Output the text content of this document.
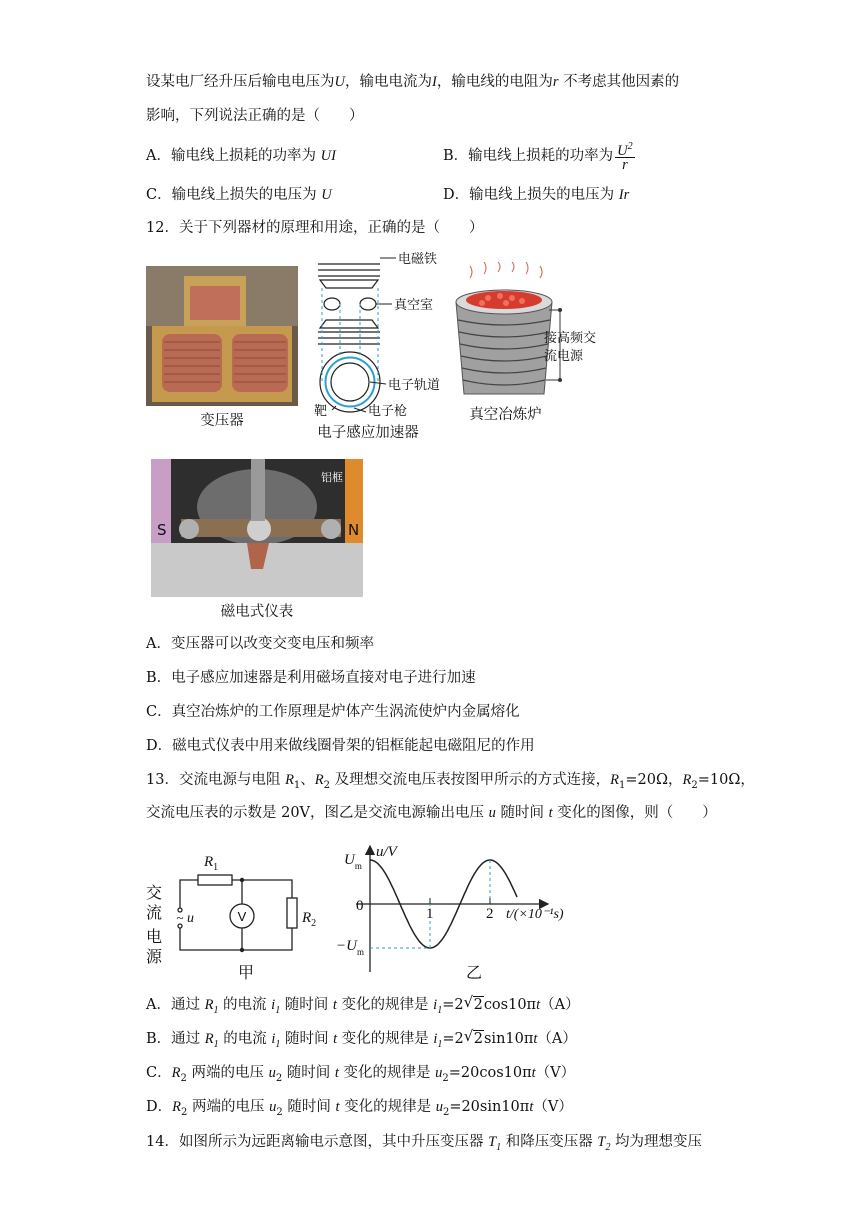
设某电厂经升压后输电电压为U，输电电流为I，输电线的电阻为r 不考虑其他因素的
影响，下列说法正确的是（　　）
A．输电线上损耗的功率为 UI	B．输电线上损耗的功率为 $\frac{U^2}{r}$
C．输电线上损失的电压为 U	D．输电线上损失的电压为 Ir
12．关于下列器材的原理和用途，正确的是（　　）
变压器
电磁铁
真空室
电子轨道
靶	电子枪
电子感应加速器
接高频交
流电源
真空冶炼炉
S	N
铝框
磁电式仪表
A．变压器可以改变交变电压和频率
B．电子感应加速器是利用磁场直接对电子进行加速
C．真空冶炼炉的工作原理是炉体产生涡流使炉内金属熔化
D．磁电式仪表中用来做线圈骨架的铝框能起电磁阻尼的作用
13．交流电源与电阻 $R_1$、$R_2$ 及理想交流电压表按图甲所示的方式连接，$R_1=20\Omega$，$R_2=10\Omega$，
交流电压表的示数是 20V，图乙是交流电源输出电压 u 随时间 t 变化的图像，则（　　）
~ u	V
$R_1$
$R_2$
交
流
电
源
甲
u/V
$U_m$
0
$-U_m$
1	2 t/(×10⁻¹s)
乙
A．通过 $R_1$ 的电流 $i_1$ 随时间 t 变化的规律是 $i_1=2√$ 2cos10πt（A）
B．通过 $R_1$ 的电流 $i_1$ 随时间 t 变化的规律是 $i_1=2√$ 2sin10πt（A）
C．$R_2$ 两端的电压 $u_2$ 随时间 t 变化的规律是 $u_2=20\cos 10\pi t(V)$
D．$R_2$ 两端的电压 $u_2$ 随时间 t 变化的规律是 $u_2=20\sin 10\pi t(V)$
14．如图所示为远距离输电示意图，其中升压变压器 $T_1$ 和降压变压器 $T_2$ 均为理想变压
